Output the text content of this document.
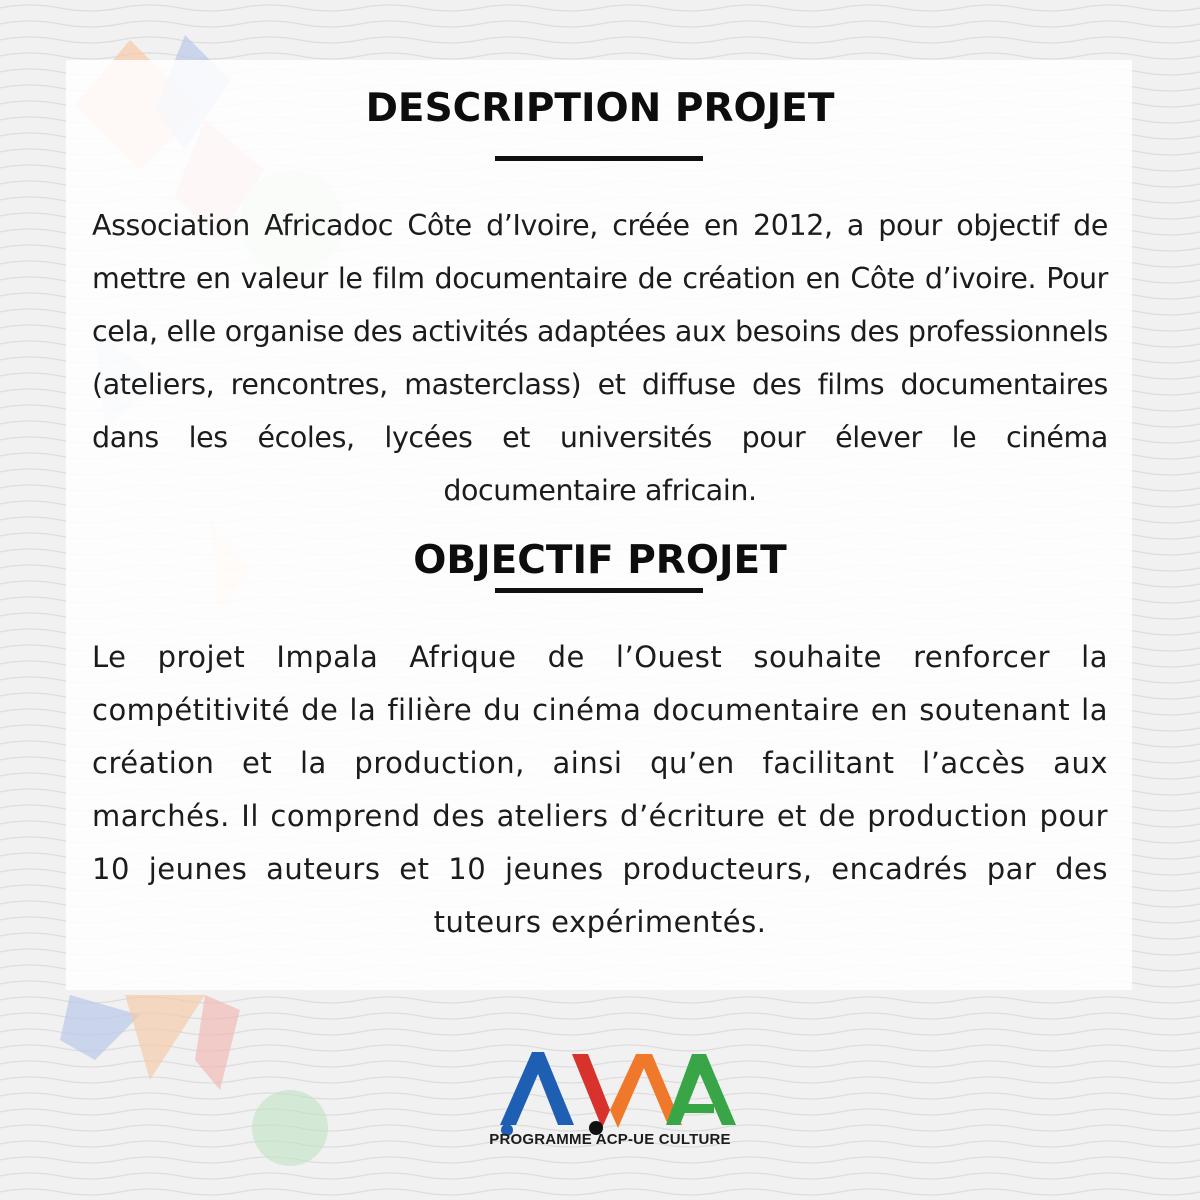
DESCRIPTION PROJET

Association Africadoc Côte d’Ivoire, créée en 2012, a pour objectif de mettre en valeur le film documentaire de création en Côte d’ivoire. Pour cela, elle organise des activités adaptées aux besoins des professionnels (ateliers, rencontres, masterclass) et diffuse des films documentaires dans les écoles, lycées et universités pour élever le cinéma documentaire africain.

OBJECTIF PROJET

Le projet Impala Afrique de l’Ouest souhaite renforcer la compétitivité de la filière du cinéma documentaire en soutenant la création et la production, ainsi qu’en facilitant l’accès aux marchés. Il comprend des ateliers d’écriture et de production pour 10 jeunes auteurs et 10 jeunes producteurs, encadrés par des tuteurs expérimentés.

PROGRAMME ACP-UE CULTURE
